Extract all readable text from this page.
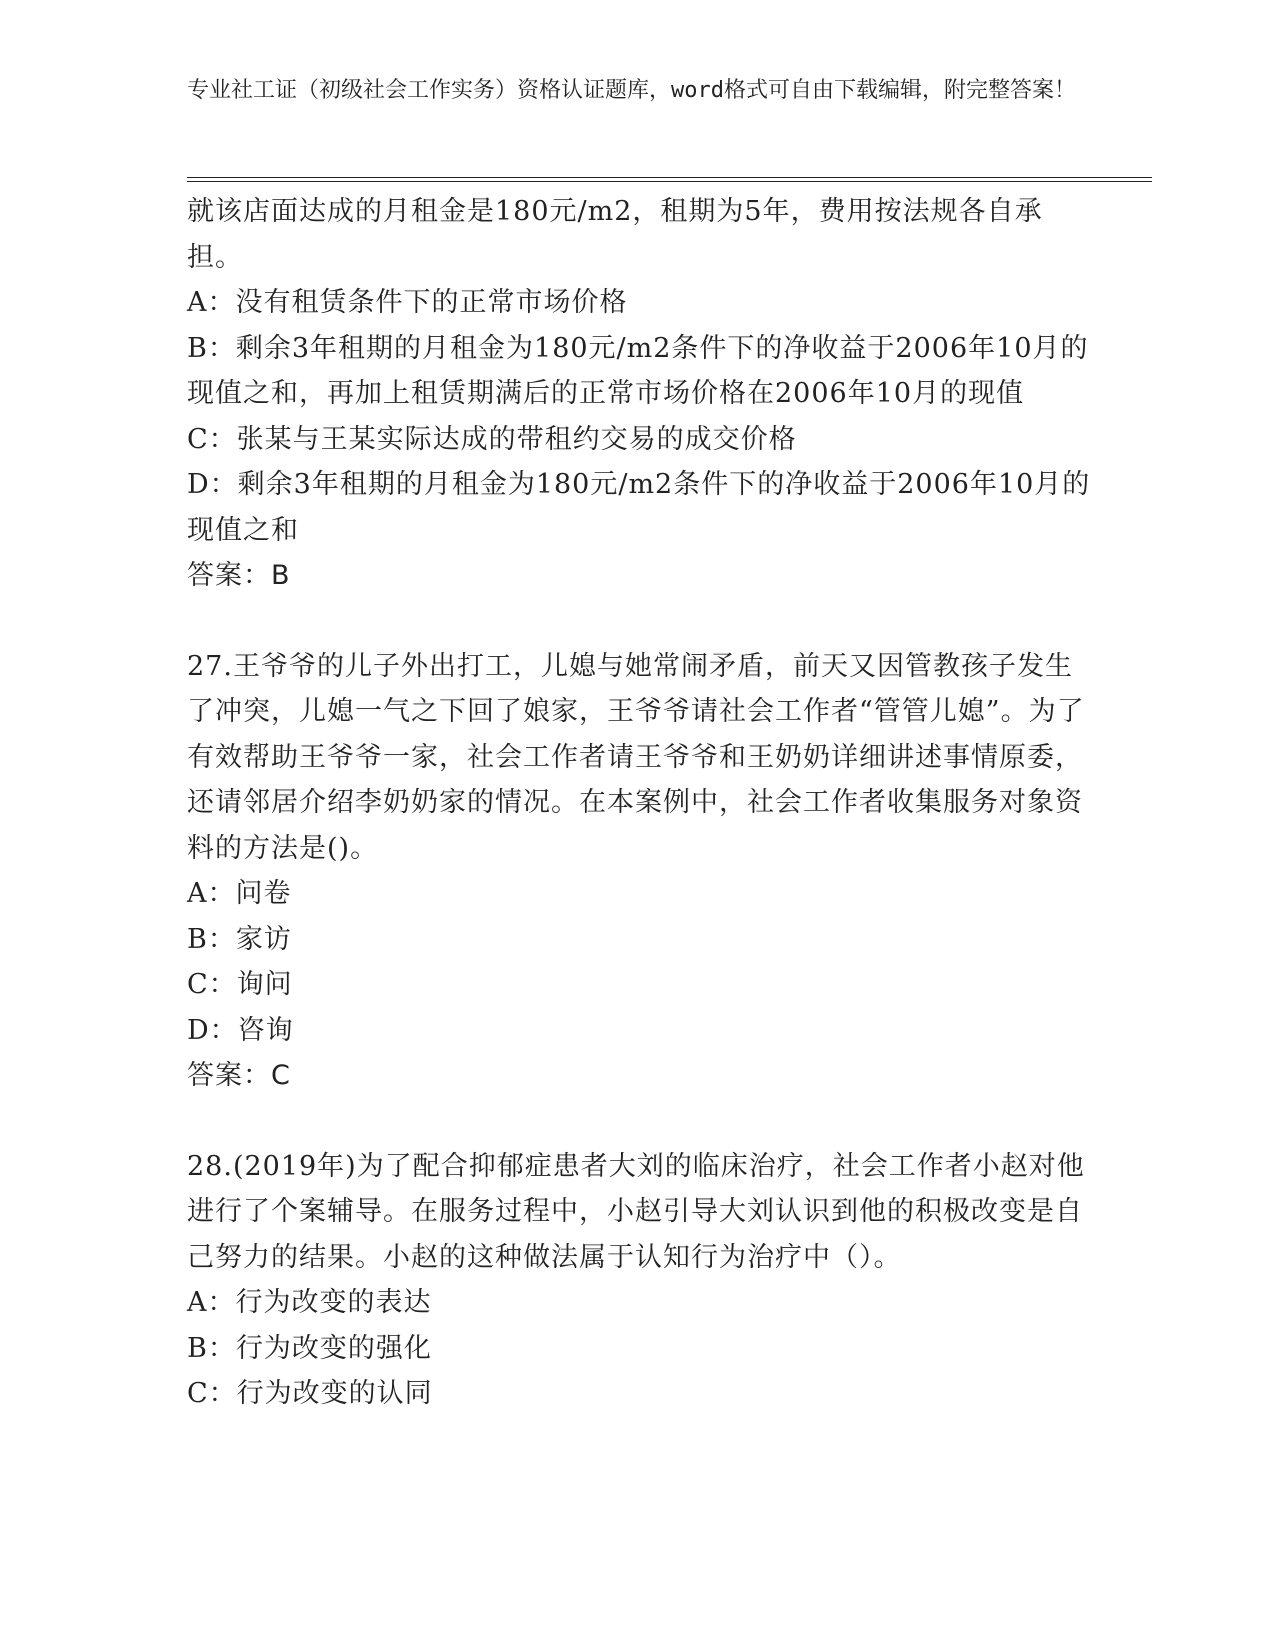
专业社工证（初级社会工作实务）资格认证题库，word格式可自由下载编辑，附完整答案！

就该店面达成的月租金是180元/m2，租期为5年，费用按法规各自承担。

A：没有租赁条件下的正常市场价格

B：剩余3年租期的月租金为180元/m2条件下的净收益于2006年10月的现值之和，再加上租赁期满后的正常市场价格在2006年10月的现值

C：张某与王某实际达成的带租约交易的成交价格

D：剩余3年租期的月租金为180元/m2条件下的净收益于2006年10月的现值之和

答案：B

27.王爷爷的儿子外出打工，儿媳与她常闹矛盾，前天又因管教孩子发生了冲突，儿媳一气之下回了娘家，王爷爷请社会工作者“管管儿媳”。为了有效帮助王爷爷一家，社会工作者请王爷爷和王奶奶详细讲述事情原委，还请邻居介绍李奶奶家的情况。在本案例中，社会工作者收集服务对象资料的方法是()。

A：问卷

B：家访

C：询问

D：咨询

答案：C

28.(2019年)为了配合抑郁症患者大刘的临床治疗，社会工作者小赵对他进行了个案辅导。在服务过程中，小赵引导大刘认识到他的积极改变是自己努力的结果。小赵的这种做法属于认知行为治疗中（）。

A：行为改变的表达

B：行为改变的强化

C：行为改变的认同
